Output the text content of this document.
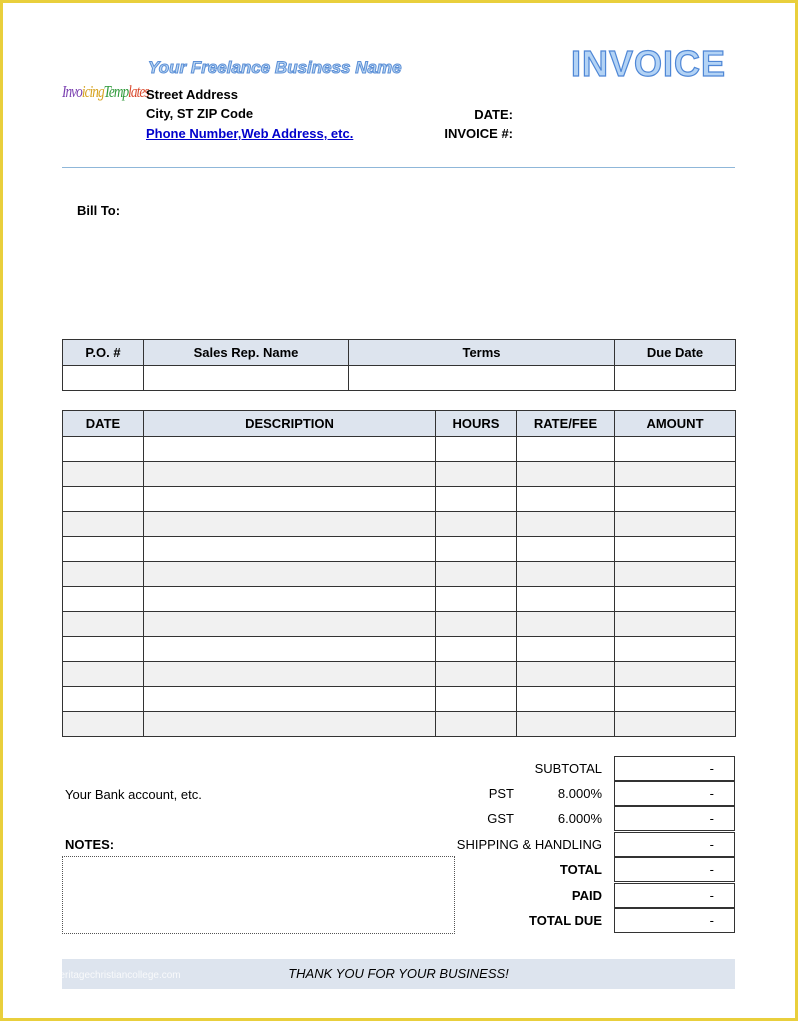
InvoicingTemplates
Your Freelance Business Name
Street Address
City, ST ZIP Code
Phone Number,Web Address, etc.
INVOICE
DATE:
INVOICE #:
Bill To:
P.O. #	Sales Rep. Name	Terms	Due Date

DATE	DESCRIPTION	HOURS	RATE/FEE	AMOUNT

Your Bank account, etc.
SUBTOTAL	-
PST	8.000%	-
GST	6.000%	-
SHIPPING & HANDLING	-
TOTAL	-
PAID	-
TOTAL DUE	-
NOTES:
THANK YOU FOR YOUR BUSINESS!
www.heritagechristiancollege.com
